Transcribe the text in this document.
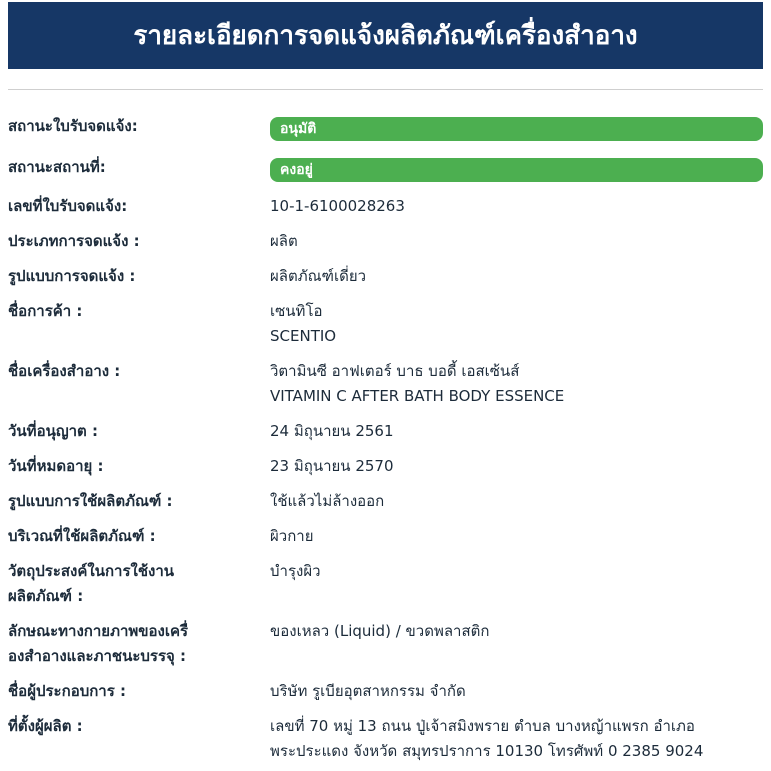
รายละเอียดการจดแจ้งผลิตภัณฑ์เครื่องสำอาง
สถานะใบรับจดแจ้ง:	อนุมัติ
สถานะสถานที่:	คงอยู่
เลขที่ใบรับจดแจ้ง:	10-1-6100028263
ประเภทการจดแจ้ง :	ผลิต
รูปแบบการจดแจ้ง :	ผลิตภัณฑ์เดี่ยว
ชื่อการค้า :	เซนทิโอ
SCENTIO
ชื่อเครื่องสำอาง :	วิตามินซี อาฟเตอร์ บาธ บอดี้ เอสเซ้นส์
VITAMIN C AFTER BATH BODY ESSENCE
วันที่อนุญาต :	24 มิถุนายน 2561
วันที่หมดอายุ :	23 มิถุนายน 2570
รูปแบบการใช้ผลิตภัณฑ์ :	ใช้แล้วไม่ล้างออก
บริเวณที่ใช้ผลิตภัณฑ์ :	ผิวกาย
วัตถุประสงค์ในการใช้งาน
ผลิตภัณฑ์ :
บำรุงผิว
ลักษณะทางกายภาพของเครื่
องสำอางและภาชนะบรรจุ :
ของเหลว (Liquid) / ขวดพลาสติก
ชื่อผู้ประกอบการ :	บริษัท รูเบียอุตสาหกรรม จำกัด
ที่ตั้งผู้ผลิต :	เลขที่ 70 หมู่ 13 ถนน ปู่เจ้าสมิงพราย ตำบล บางหญ้าแพรก อำเภอ
พระประแดง จังหวัด สมุทรปราการ 10130 โทรศัพท์ 0 2385 9024
